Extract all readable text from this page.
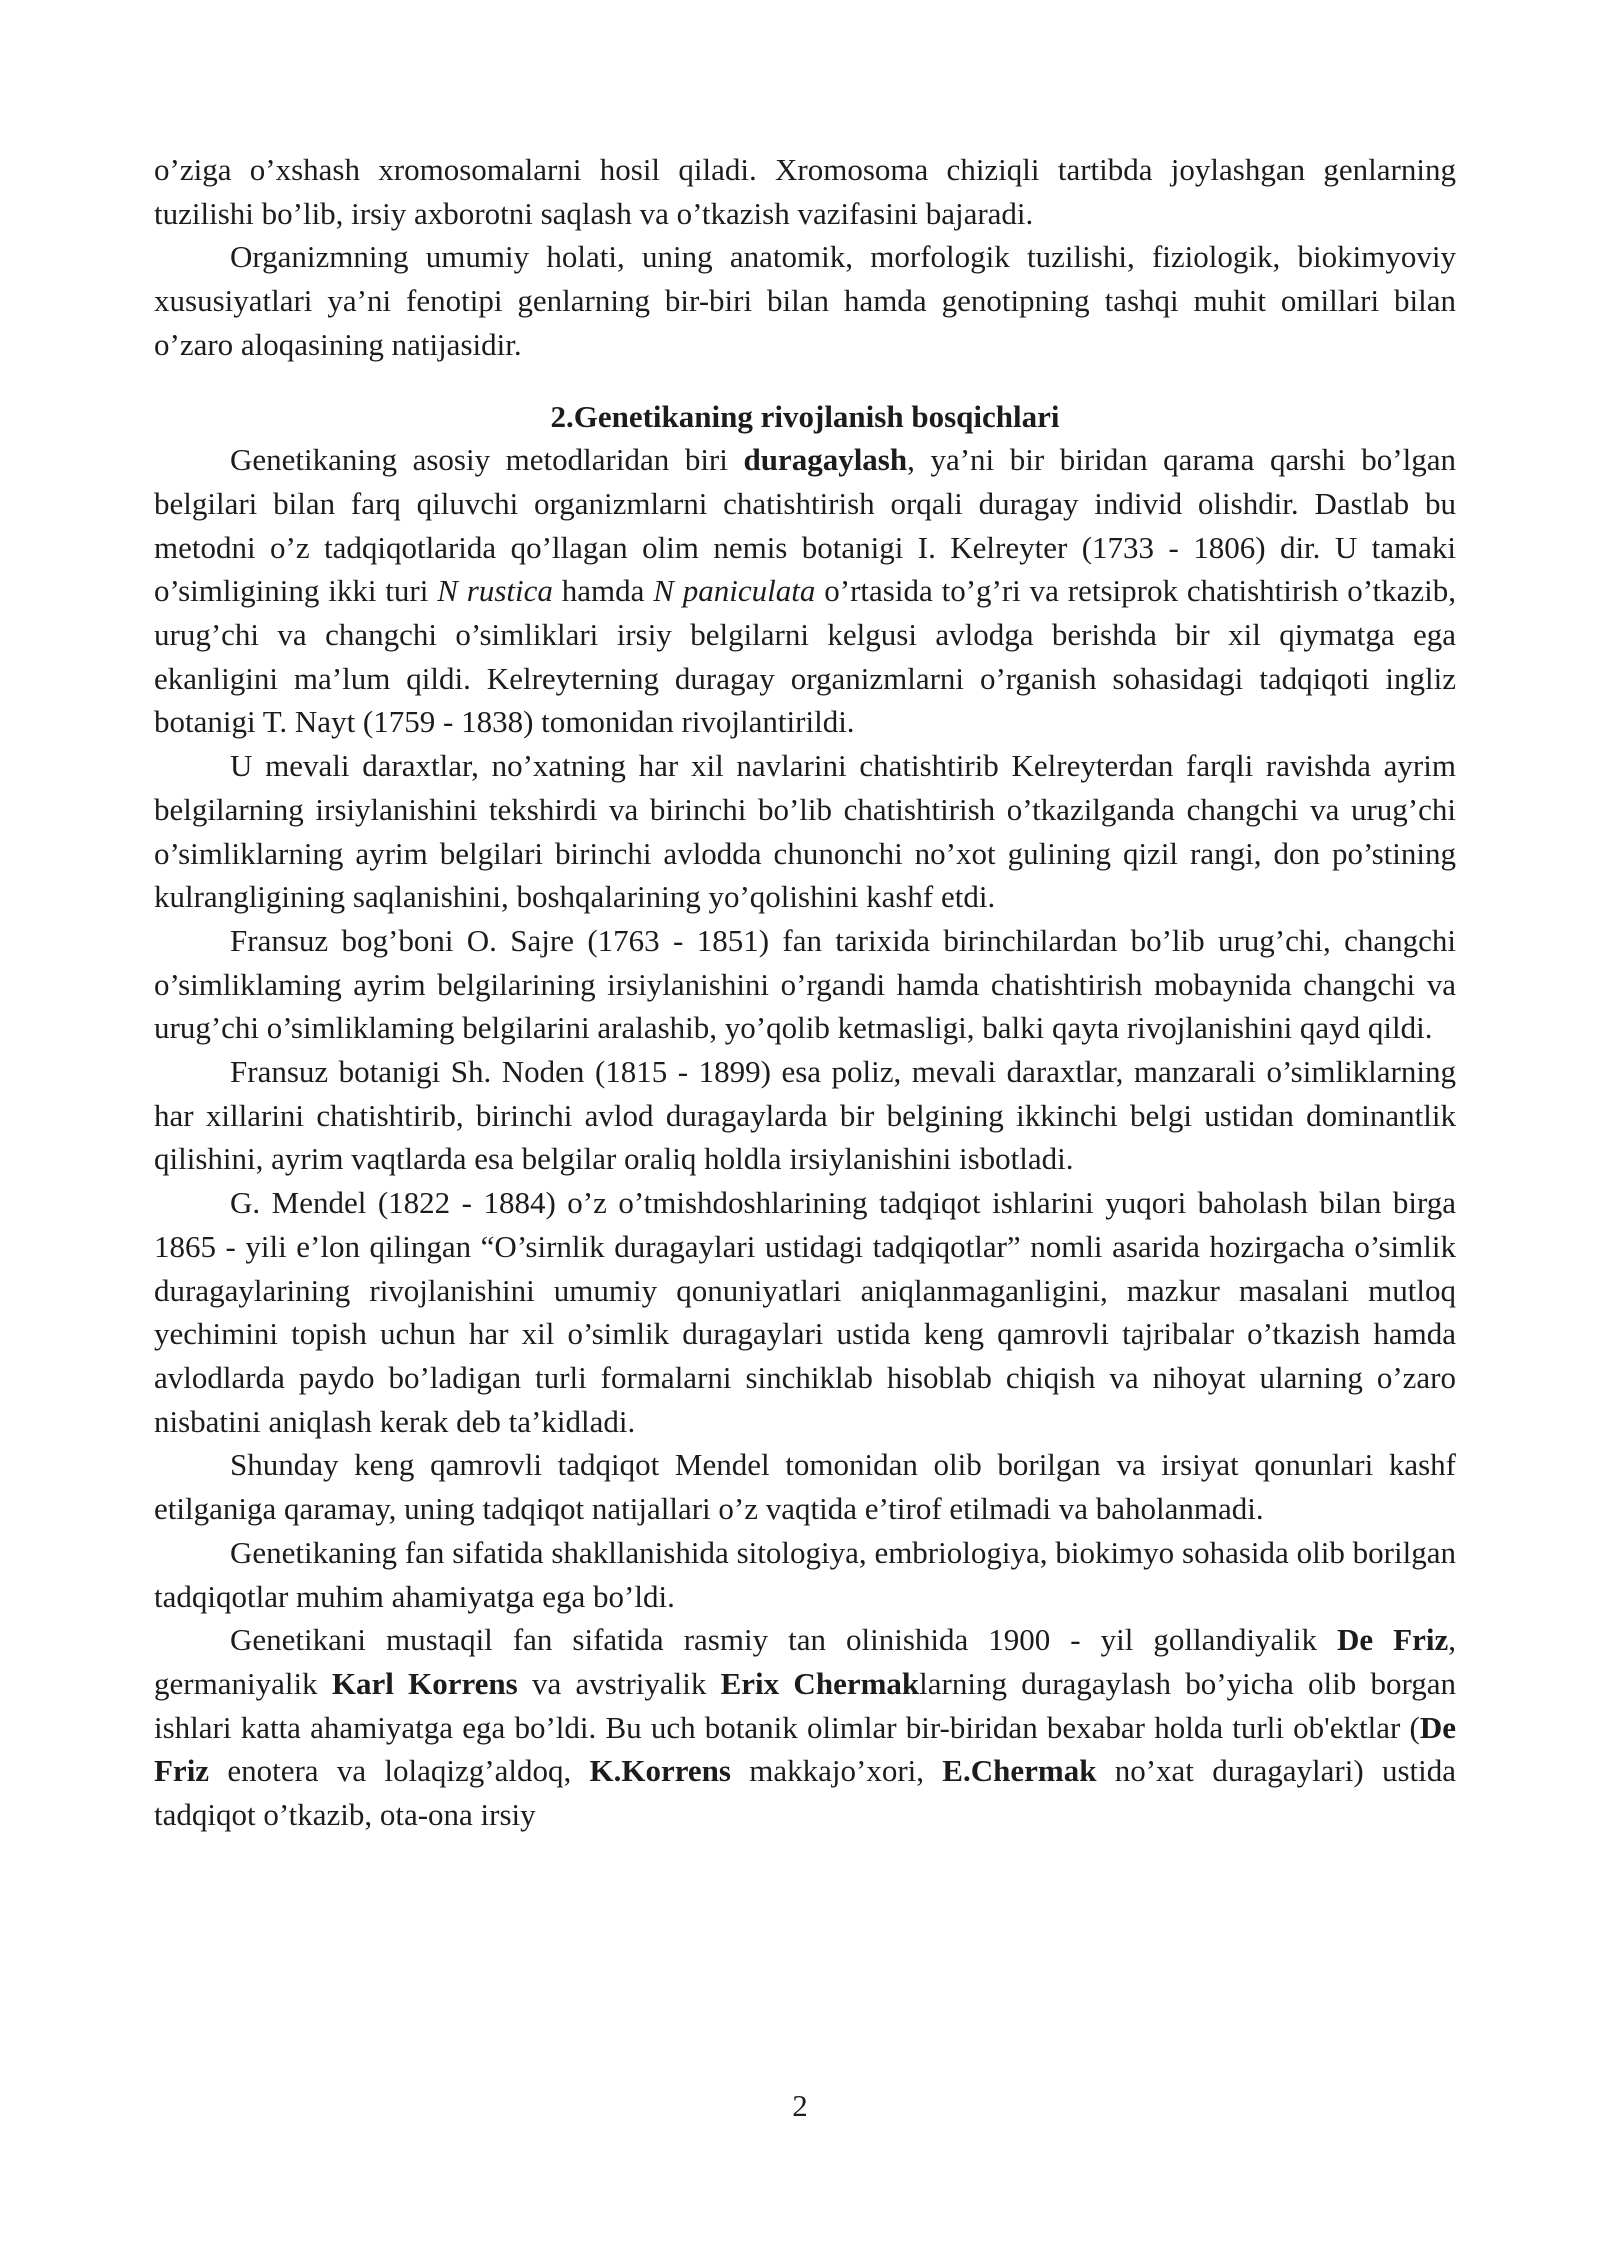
o’ziga o’xshash xromosomalarni hosil qiladi. Xromosoma chiziqli tartibda joylashgan genlarning tuzilishi bo’lib, irsiy axborotni saqlash va o’tkazish vazifasini bajaradi.

Organizmning umumiy holati, uning anatomik, morfologik tuzilishi, fiziologik, biokimyoviy xususiyatlari ya’ni fenotipi genlarning bir-biri bilan hamda genotipning tashqi muhit omillari bilan o’zaro aloqasining natijasidir.

2.Genetikaning rivojlanish bosqichlari

Genetikaning asosiy metodlaridan biri duragaylash, ya’ni bir biridan qarama qarshi bo’lgan belgilari bilan farq qiluvchi organizmlarni chatishtirish orqali duragay individ olishdir. Dastlab bu metodni o’z tadqiqotlarida qo’llagan olim nemis botanigi I. Kelreyter (1733 - 1806) dir. U tamaki o’simligining ikki turi N rustica hamda N paniculata o’rtasida to’g’ri va retsiprok chatishtirish o’tkazib, urug’chi va changchi o’simliklari irsiy belgilarni kelgusi avlodga berishda bir xil qiymatga ega ekanligini ma’lum qildi. Kelreyterning duragay organizmlarni o’rganish sohasidagi tadqiqoti ingliz botanigi T. Nayt (1759 - 1838) tomonidan rivojlantirildi.

U mevali daraxtlar, no’xatning har xil navlarini chatishtirib Kelreyterdan farqli ravishda ayrim belgilarning irsiylanishini tekshirdi va birinchi bo’lib chatishtirish o’tkazilganda changchi va urug’chi o’simliklarning ayrim belgilari birinchi avlodda chunonchi no’xot gulining qizil rangi, don po’stining kulrangligining saqlanishini, boshqalarining yo’qolishini kashf etdi.

Fransuz bog’boni O. Sajre (1763 - 1851) fan tarixida birinchilardan bo’lib urug’chi, changchi o’simliklaming ayrim belgilarining irsiylanishini o’rgandi hamda chatishtirish mobaynida changchi va urug’chi o’simliklaming belgilarini aralashib, yo’qolib ketmasligi, balki qayta rivojlanishini qayd qildi.

Fransuz botanigi Sh. Noden (1815 - 1899) esa poliz, mevali daraxtlar, manzarali o’simliklarning har xillarini chatishtirib, birinchi avlod duragaylarda bir belgining ikkinchi belgi ustidan dominantlik qilishini, ayrim vaqtlarda esa belgilar oraliq holdla irsiylanishini isbotladi.

G. Mendel (1822 - 1884) o’z o’tmishdoshlarining tadqiqot ishlarini yuqori baholash bilan birga 1865 - yili e’lon qilingan “O’sirnlik duragaylari ustidagi tadqiqotlar” nomli asarida hozirgacha o’simlik duragaylarining rivojlanishini umumiy qonuniyatlari aniqlanmaganligini, mazkur masalani mutloq yechimini topish uchun har xil o’simlik duragaylari ustida keng qamrovli tajribalar o’tkazish hamda avlodlarda paydo bo’ladigan turli formalarni sinchiklab hisoblab chiqish va nihoyat ularning o’zaro nisbatini aniqlash kerak deb ta’kidladi.

Shunday keng qamrovli tadqiqot Mendel tomonidan olib borilgan va irsiyat qonunlari kashf etilganiga qaramay, uning tadqiqot natijallari o’z vaqtida e’tirof etilmadi va baholanmadi.

Genetikaning fan sifatida shakllanishida sitologiya, embriologiya, biokimyo sohasida olib borilgan tadqiqotlar muhim ahamiyatga ega bo’ldi.

Genetikani mustaqil fan sifatida rasmiy tan olinishida 1900 - yil gollandiyalik De Friz, germaniyalik Karl Korrens va avstriyalik Erix Chermaklarning duragaylash bo’yicha olib borgan ishlari katta ahamiyatga ega bo’ldi. Bu uch botanik olimlar bir-biridan bexabar holda turli ob'ektlar (De Friz enotera va lolaqizg’aldoq, K.Korrens makkajo’xori, E.Chermak no’xat duragaylari) ustida tadqiqot o’tkazib, ota-ona irsiy

2
